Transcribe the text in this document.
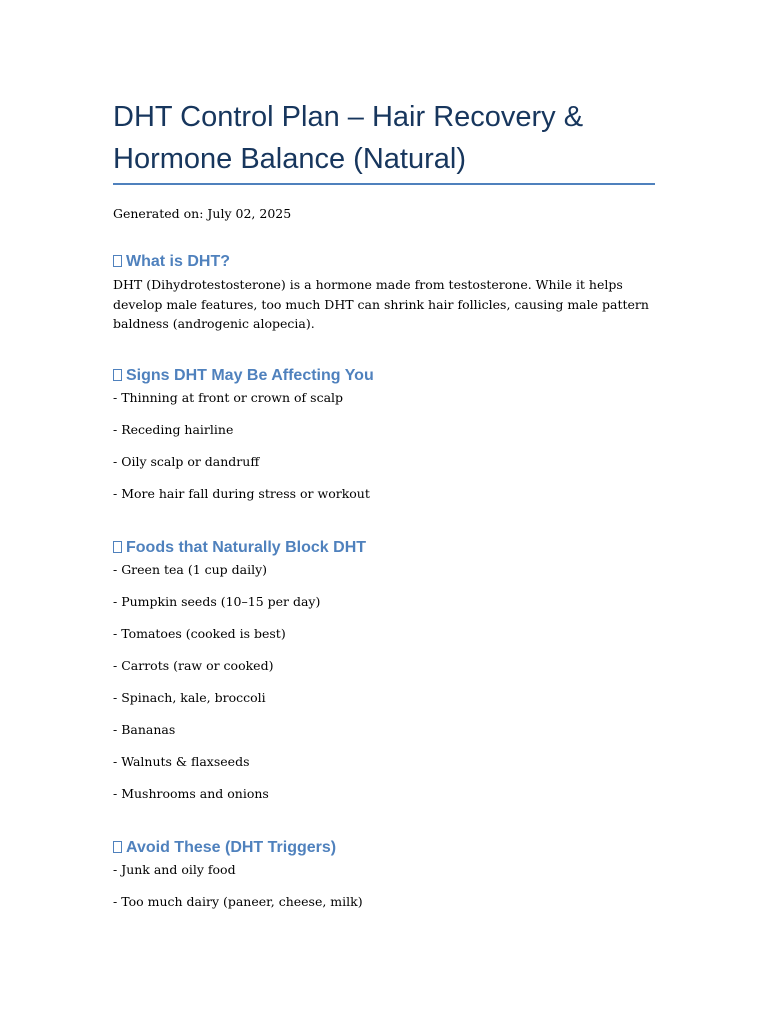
DHT Control Plan – Hair Recovery & Hormone Balance (Natural)
Generated on: July 02, 2025
What is DHT?

DHT (Dihydrotestosterone) is a hormone made from testosterone. While it helps develop male features, too much DHT can shrink hair follicles, causing male pattern baldness (androgenic alopecia).

Signs DHT May Be Affecting You

- Thinning at front or crown of scalp

- Receding hairline

- Oily scalp or dandruff

- More hair fall during stress or workout

Foods that Naturally Block DHT

- Green tea (1 cup daily)

- Pumpkin seeds (10–15 per day)

- Tomatoes (cooked is best)

- Carrots (raw or cooked)

- Spinach, kale, broccoli

- Bananas

- Walnuts & flaxseeds

- Mushrooms and onions

Avoid These (DHT Triggers)

- Junk and oily food

- Too much dairy (paneer, cheese, milk)
